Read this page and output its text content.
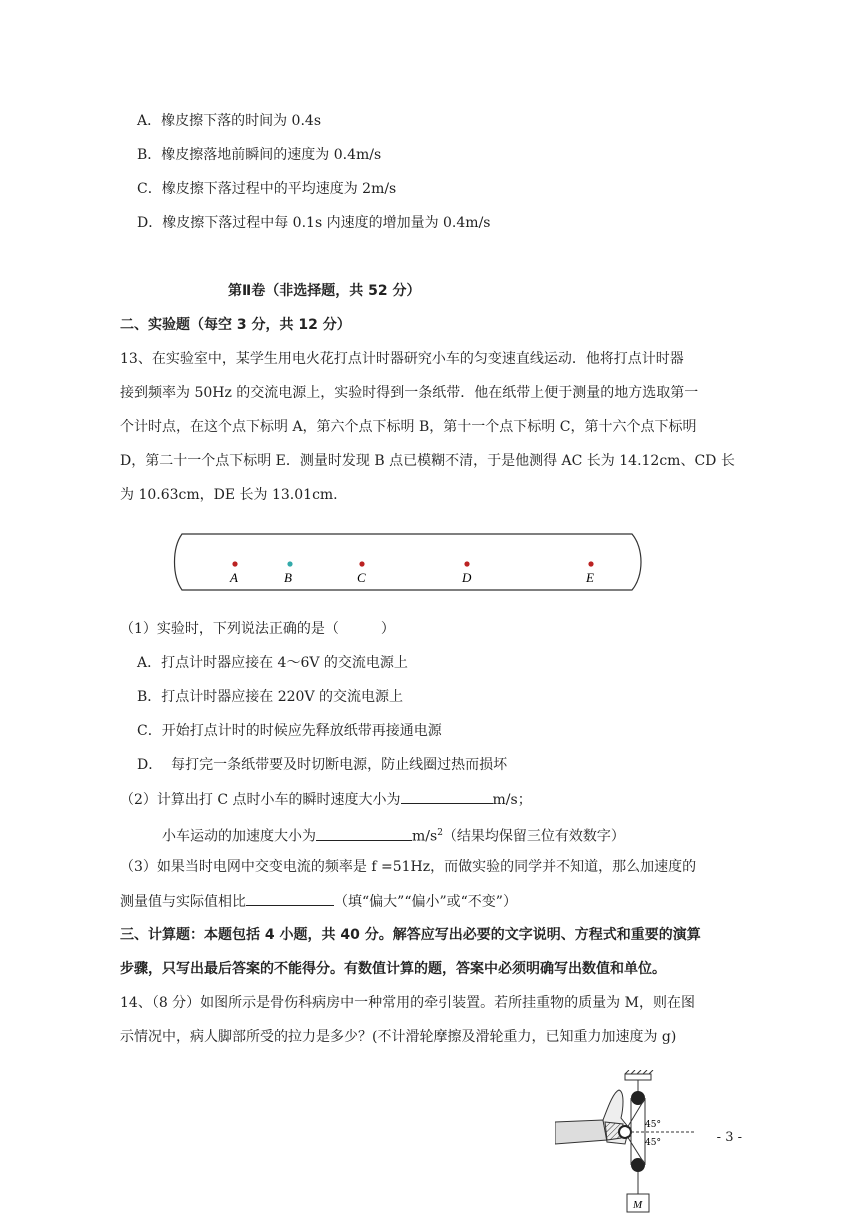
A．橡皮擦下落的时间为 0.4s
B．橡皮擦落地前瞬间的速度为 0.4m/s
C．橡皮擦下落过程中的平均速度为 2m/s
D．橡皮擦下落过程中每 0.1s 内速度的增加量为 0.4m/s
第Ⅱ卷（非选择题，共 52 分）
二、实验题（每空 3 分，共 12 分）
13、在实验室中，某学生用电火花打点计时器研究小车的匀变速直线运动．他将打点计时器
接到频率为 50Hz 的交流电源上，实验时得到一条纸带．他在纸带上便于测量的地方选取第一
个计时点，在这个点下标明 A，第六个点下标明 B，第十一个点下标明 C，第十六个点下标明
D，第二十一个点下标明 E．测量时发现 B 点已模糊不清，于是他测得 AC 长为 14.12cm、CD 长
为 10.63cm，DE 长为 13.01cm.
A	B	C	D	E
（1）实验时，下列说法正确的是（　　　）
A．打点计时器应接在 4～6V 的交流电源上
B．打点计时器应接在 220V 的交流电源上
C．开始打点计时的时候应先释放纸带再接通电源
D．  每打完一条纸带要及时切断电源，防止线圈过热而损坏
（2）计算出打 C 点时小车的瞬时速度大小为	m/s；
小车运动的加速度大小为	$m/s^2$（结果均保留三位有效数字）
（3）如果当时电网中交变电流的频率是 f =51Hz，而做实验的同学并不知道，那么加速度的
测量值与实际值相比	（填“偏大”“偏小”或“不变”）
三、计算题：本题包括 4 小题，共 40 分。解答应写出必要的文字说明、方程式和重要的演算
步骤，只写出最后答案的不能得分。有数值计算的题，答案中必须明确写出数值和单位。
14、（8 分）如图所示是骨伤科病房中一种常用的牵引装置。若所挂重物的质量为 M，则在图
示情况中，病人脚部所受的拉力是多少？(不计滑轮摩擦及滑轮重力，已知重力加速度为 g)
45°
45°
M
- 3 -
